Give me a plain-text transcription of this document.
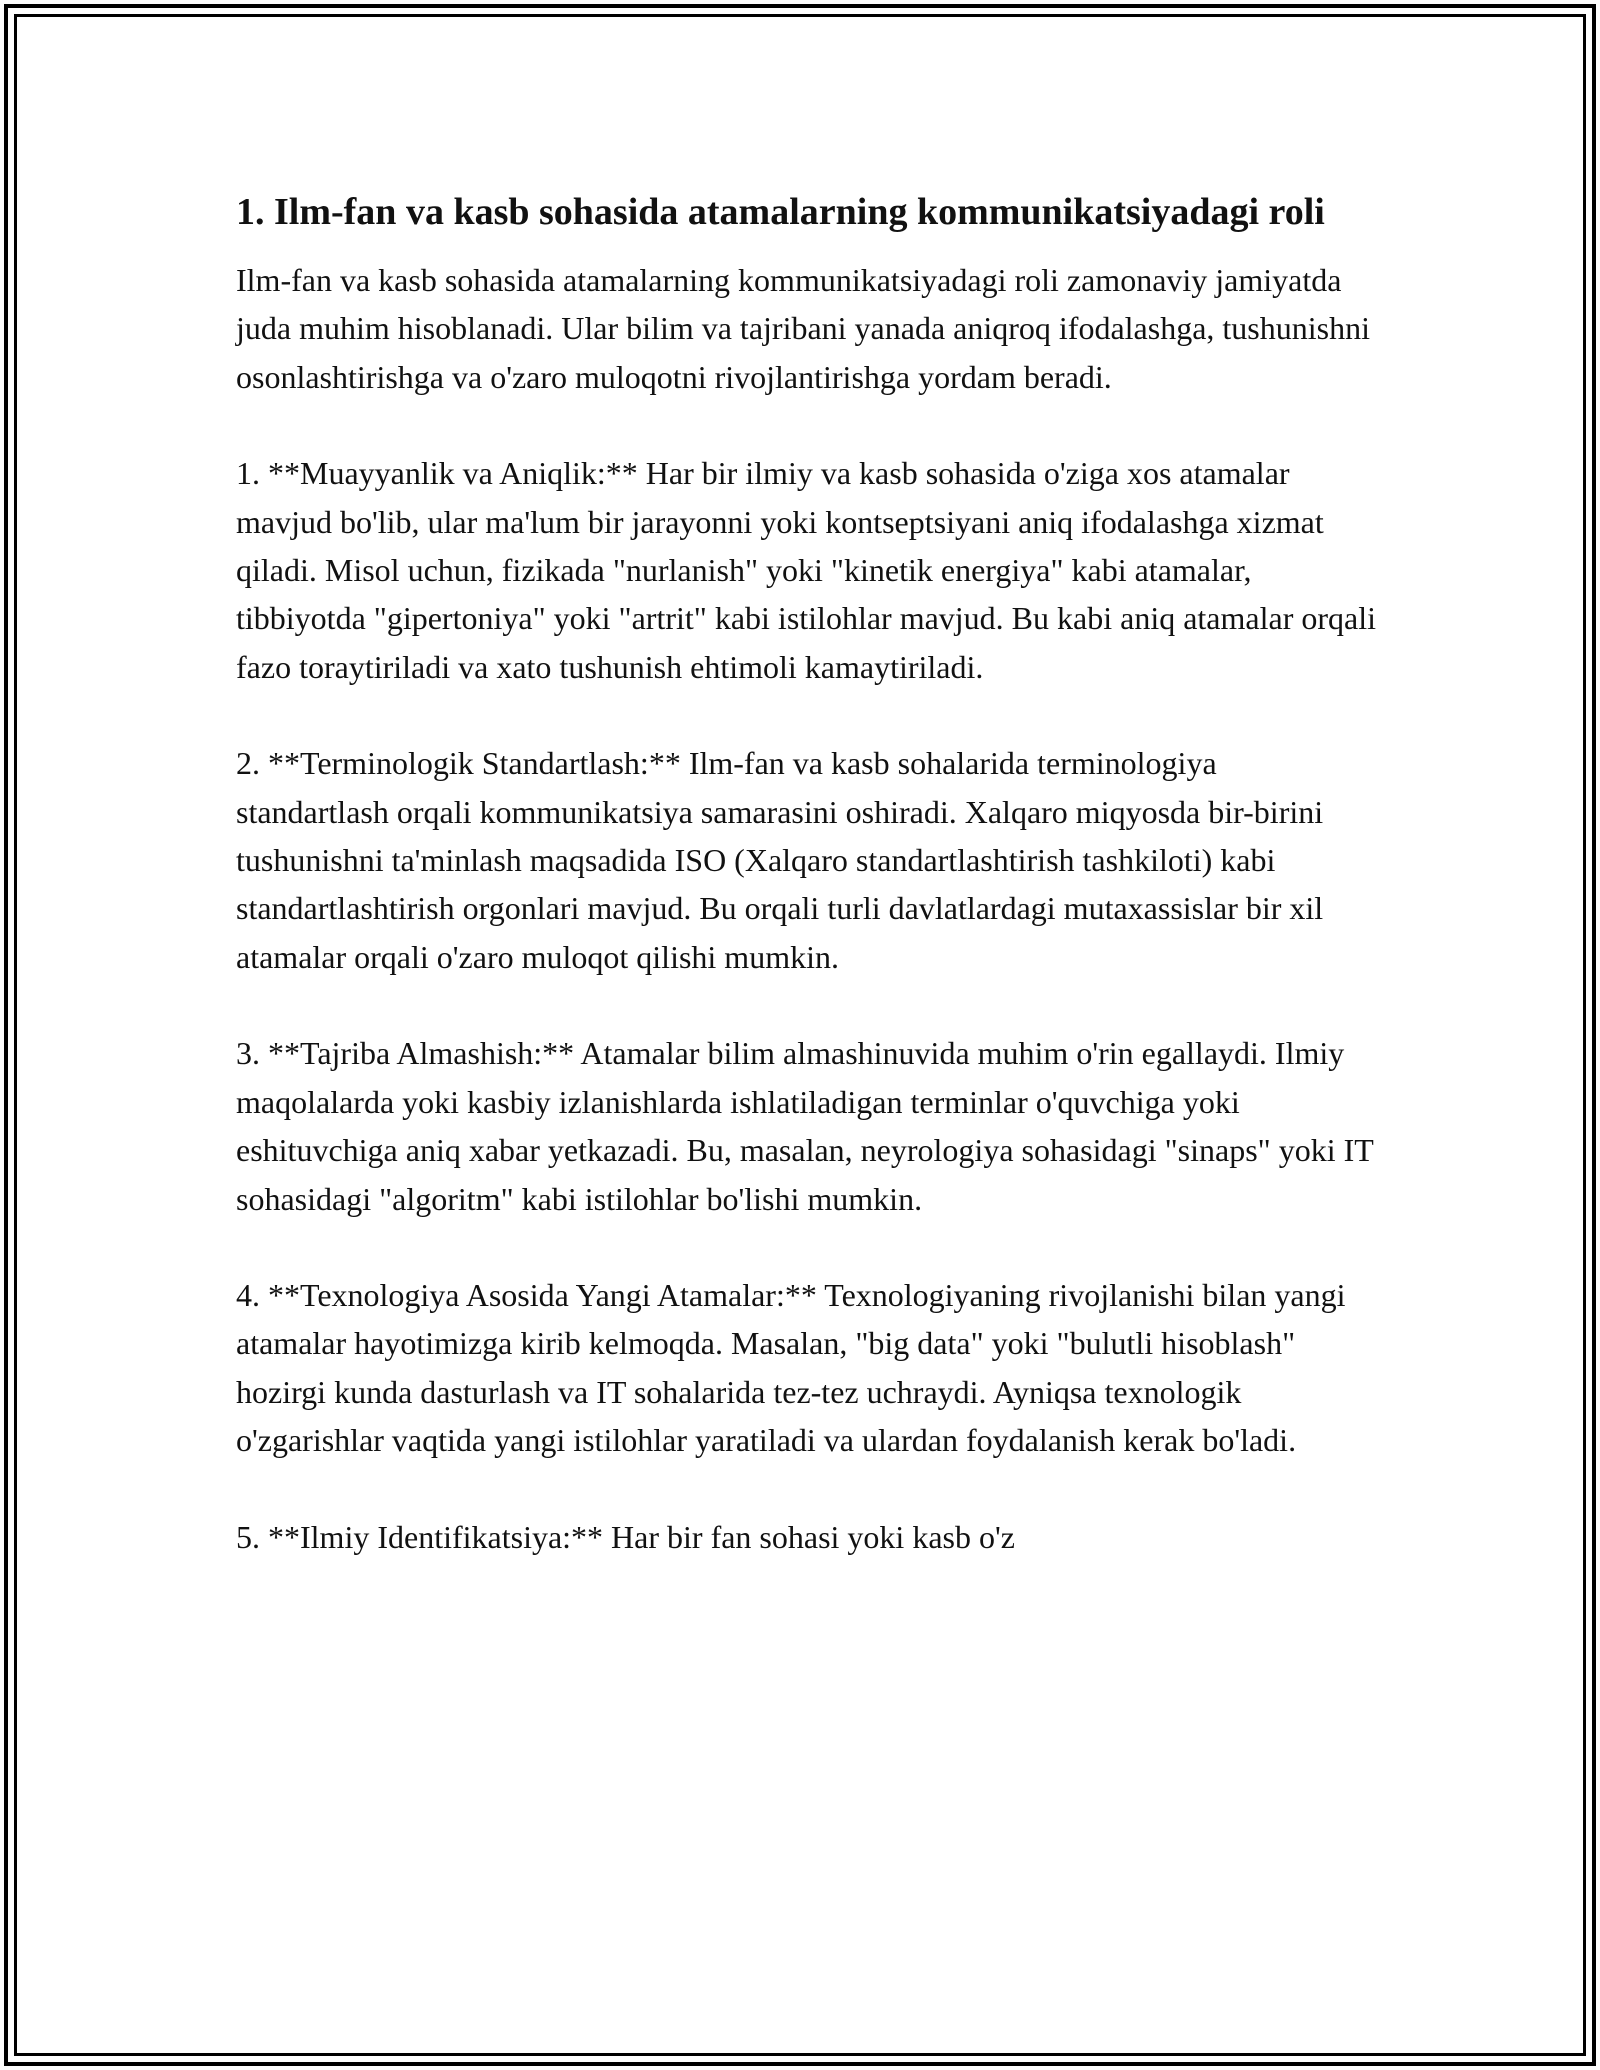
1. Ilm-fan va kasb sohasida atamalarning kommunikatsiyadagi roli

Ilm-fan va kasb sohasida atamalarning kommunikatsiyadagi roli zamonaviy jamiyatda juda muhim hisoblanadi. Ular bilim va tajribani yanada aniqroq ifodalashga, tushunishni osonlashtirishga va o'zaro muloqotni rivojlantirishga yordam beradi.

1. **Muayyanlik va Aniqlik:** Har bir ilmiy va kasb sohasida o'ziga xos atamalar mavjud bo'lib, ular ma'lum bir jarayonni yoki kontseptsiyani aniq ifodalashga xizmat qiladi. Misol uchun, fizikada "nurlanish" yoki "kinetik energiya" kabi atamalar, tibbiyotda "gipertoniya" yoki "artrit" kabi istilohlar mavjud. Bu kabi aniq atamalar orqali fazo toraytiriladi va xato tushunish ehtimoli kamaytiriladi.

2. **Terminologik Standartlash:** Ilm-fan va kasb sohalarida terminologiya standartlash orqali kommunikatsiya samarasini oshiradi. Xalqaro miqyosda bir-birini tushunishni ta'minlash maqsadida ISO (Xalqaro standartlashtirish tashkiloti) kabi standartlashtirish orgonlari mavjud. Bu orqali turli davlatlardagi mutaxassislar bir xil atamalar orqali o'zaro muloqot qilishi mumkin.

3. **Tajriba Almashish:** Atamalar bilim almashinuvida muhim o'rin egallaydi. Ilmiy maqolalarda yoki kasbiy izlanishlarda ishlatiladigan terminlar o'quvchiga yoki eshituvchiga aniq xabar yetkazadi. Bu, masalan, neyrologiya sohasidagi "sinaps" yoki IT sohasidagi "algoritm" kabi istilohlar bo'lishi mumkin.

4. **Texnologiya Asosida Yangi Atamalar:** Texnologiyaning rivojlanishi bilan yangi atamalar hayotimizga kirib kelmoqda. Masalan, "big data" yoki "bulutli hisoblash" hozirgi kunda dasturlash va IT sohalarida tez-tez uchraydi. Ayniqsa texnologik o'zgarishlar vaqtida yangi istilohlar yaratiladi va ulardan foydalanish kerak bo'ladi.

5. **Ilmiy Identifikatsiya:** Har bir fan sohasi yoki kasb o'z
